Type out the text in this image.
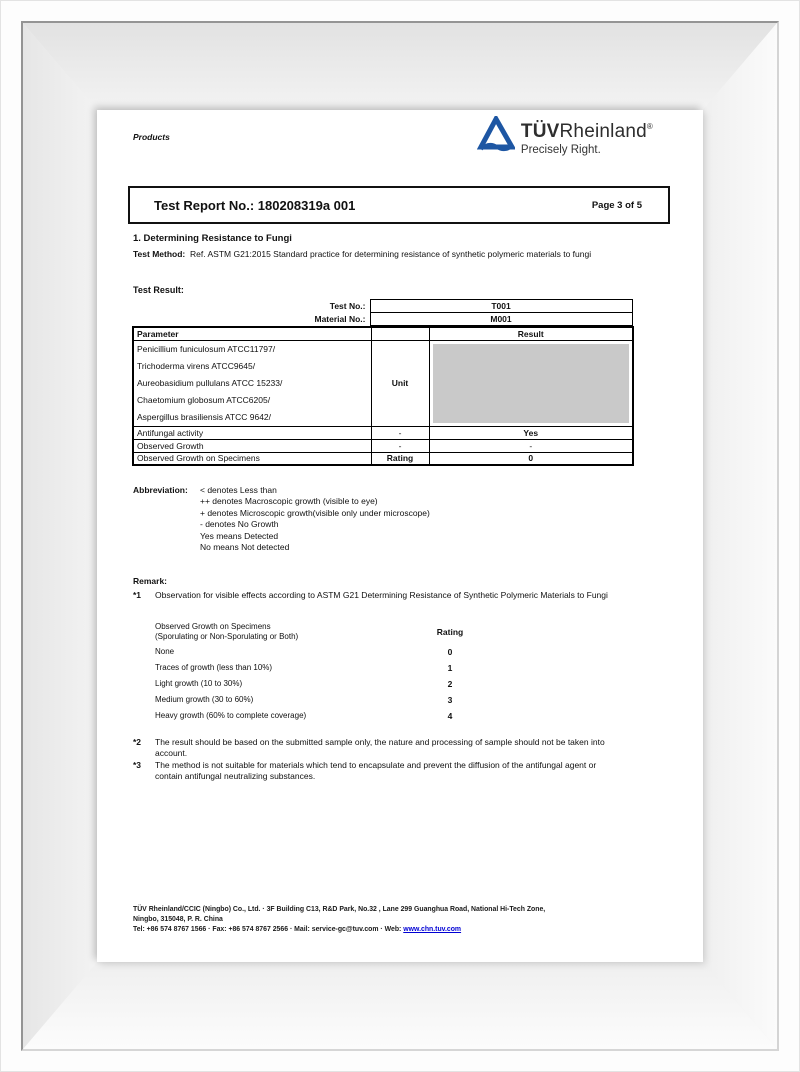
Products	TÜVRheinland®
Precisely Right.
Test Report No.: 180208319a 001	Page 3 of 5
1. Determining Resistance to Fungi
Test Method: Ref. ASTM G21:2015 Standard practice for determining resistance of synthetic polymeric materials to fungi
Test Result:
Test No.:	T001
Material No.:	M001
Parameter		Result

Penicillium funiculosum ATCC11797/
Trichoderma virens ATCC9645/
Aureobasidium pullulans ATCC 15233/
Chaetomium globosum ATCC6205/
Aspergillus brasiliensis ATCC 9642/	Unit	

Antifungal activity	-	Yes
Observed Growth	-	-
Observed Growth on Specimens	Rating	0
Abbreviation:	< denotes Less than
++ denotes Macroscopic growth (visible to eye)
+ denotes Microscopic growth(visible only under microscope)
- denotes No Growth
Yes means Detected
No means Not detected
Remark:
*1	Observation for visible effects according to ASTM G21 Determining Resistance of Synthetic Polymeric Materials to Fungi
Observed Growth on Specimens
(Sporulating or Non-Sporulating or Both)	Rating
None	0
Traces of growth (less than 10%)	1
Light growth (10 to 30%)	2
Medium growth (30 to 60%)	3
Heavy growth (60% to complete coverage)	4
*2	The result should be based on the submitted sample only, the nature and processing of sample should not be taken into account.
*3	The method is not suitable for materials which tend to encapsulate and prevent the diffusion of the antifungal agent or contain antifungal neutralizing substances.
TÜV Rheinland/CCIC (Ningbo) Co., Ltd. · 3F Building C13, R&D Park, No.32 , Lane 299 Guanghua Road, National Hi-Tech Zone,
Ningbo, 315048, P. R. China
Tel: +86 574 8767 1566 · Fax: +86 574 8767 2566 · Mail: service-gc@tuv.com · Web: www.chn.tuv.com
